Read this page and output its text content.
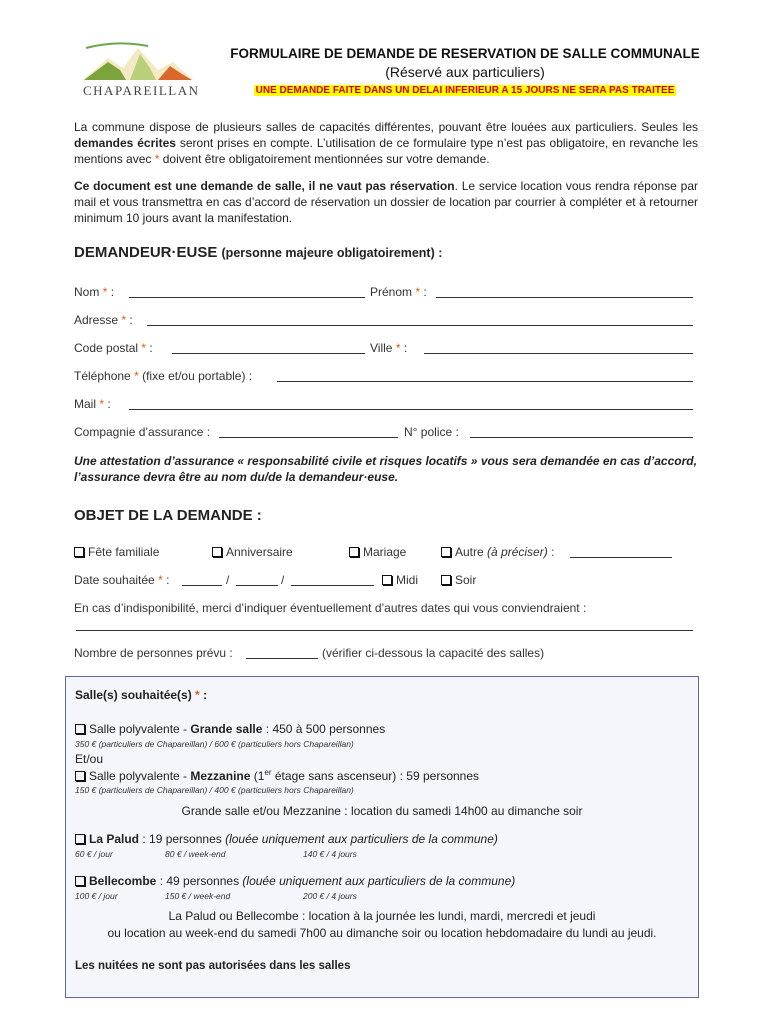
CHAPAREILLAN
FORMULAIRE DE DEMANDE DE RESERVATION DE SALLE COMMUNALE
(Réservé aux particuliers)
UNE DEMANDE FAITE DANS UN DELAI INFERIEUR A 15 JOURS NE SERA PAS TRAITEE
La commune dispose de plusieurs salles de capacités différentes, pouvant être louées aux particuliers. Seules les demandes écrites seront prises en compte. L’utilisation de ce formulaire type n’est pas obligatoire, en revanche les mentions avec * doivent être obligatoirement mentionnées sur votre demande.
Ce document est une demande de salle, il ne vaut pas réservation. Le service location vous rendra réponse par mail et vous transmettra en cas d’accord de réservation un dossier de location par courrier à compléter et à retourner minimum 10 jours avant la manifestation.
DEMANDEUR·EUSE (personne majeure obligatoirement) :
Nom * :	Prénom * :
Adresse * :
Code postal * :	Ville * :
Téléphone * (fixe et/ou portable) :
Mail * :
Compagnie d’assurance :	N° police :
Une attestation d’assurance « responsabilité civile et risques locatifs » vous sera demandée en cas d’accord, l’assurance devra être au nom du/de la demandeur·euse.
OBJET DE LA DEMANDE :
Fête familiale	Anniversaire	Mariage	Autre (à préciser) :
Date souhaitée * :	/	/	Midi	Soir
En cas d’indisponibilité, merci d’indiquer éventuellement d’autres dates qui vous conviendraient :
Nombre de personnes prévu :	(vérifier ci-dessous la capacité des salles)
Salle(s) souhaitée(s) * :
Salle polyvalente - Grande salle : 450 à 500 personnes
350 € (particuliers de Chapareillan) / 600 € (particuliers hors Chapareillan)
Et/ou
Salle polyvalente - Mezzanine (1er étage sans ascenseur) : 59 personnes
150 € (particuliers de Chapareillan) / 400 € (particuliers hors Chapareillan)
Grande salle et/ou Mezzanine : location du samedi 14h00 au dimanche soir
La Palud : 19 personnes (louée uniquement aux particuliers de la commune)
60 € / jour	80 € / week-end	140 € / 4 jours
Bellecombe : 49 personnes (louée uniquement aux particuliers de la commune)
100 € / jour	150 € / week-end	200 € / 4 jours
La Palud ou Bellecombe : location à la journée les lundi, mardi, mercredi et jeudi
ou location au week-end du samedi 7h00 au dimanche soir ou location hebdomadaire du lundi au jeudi.
Les nuitées ne sont pas autorisées dans les salles
